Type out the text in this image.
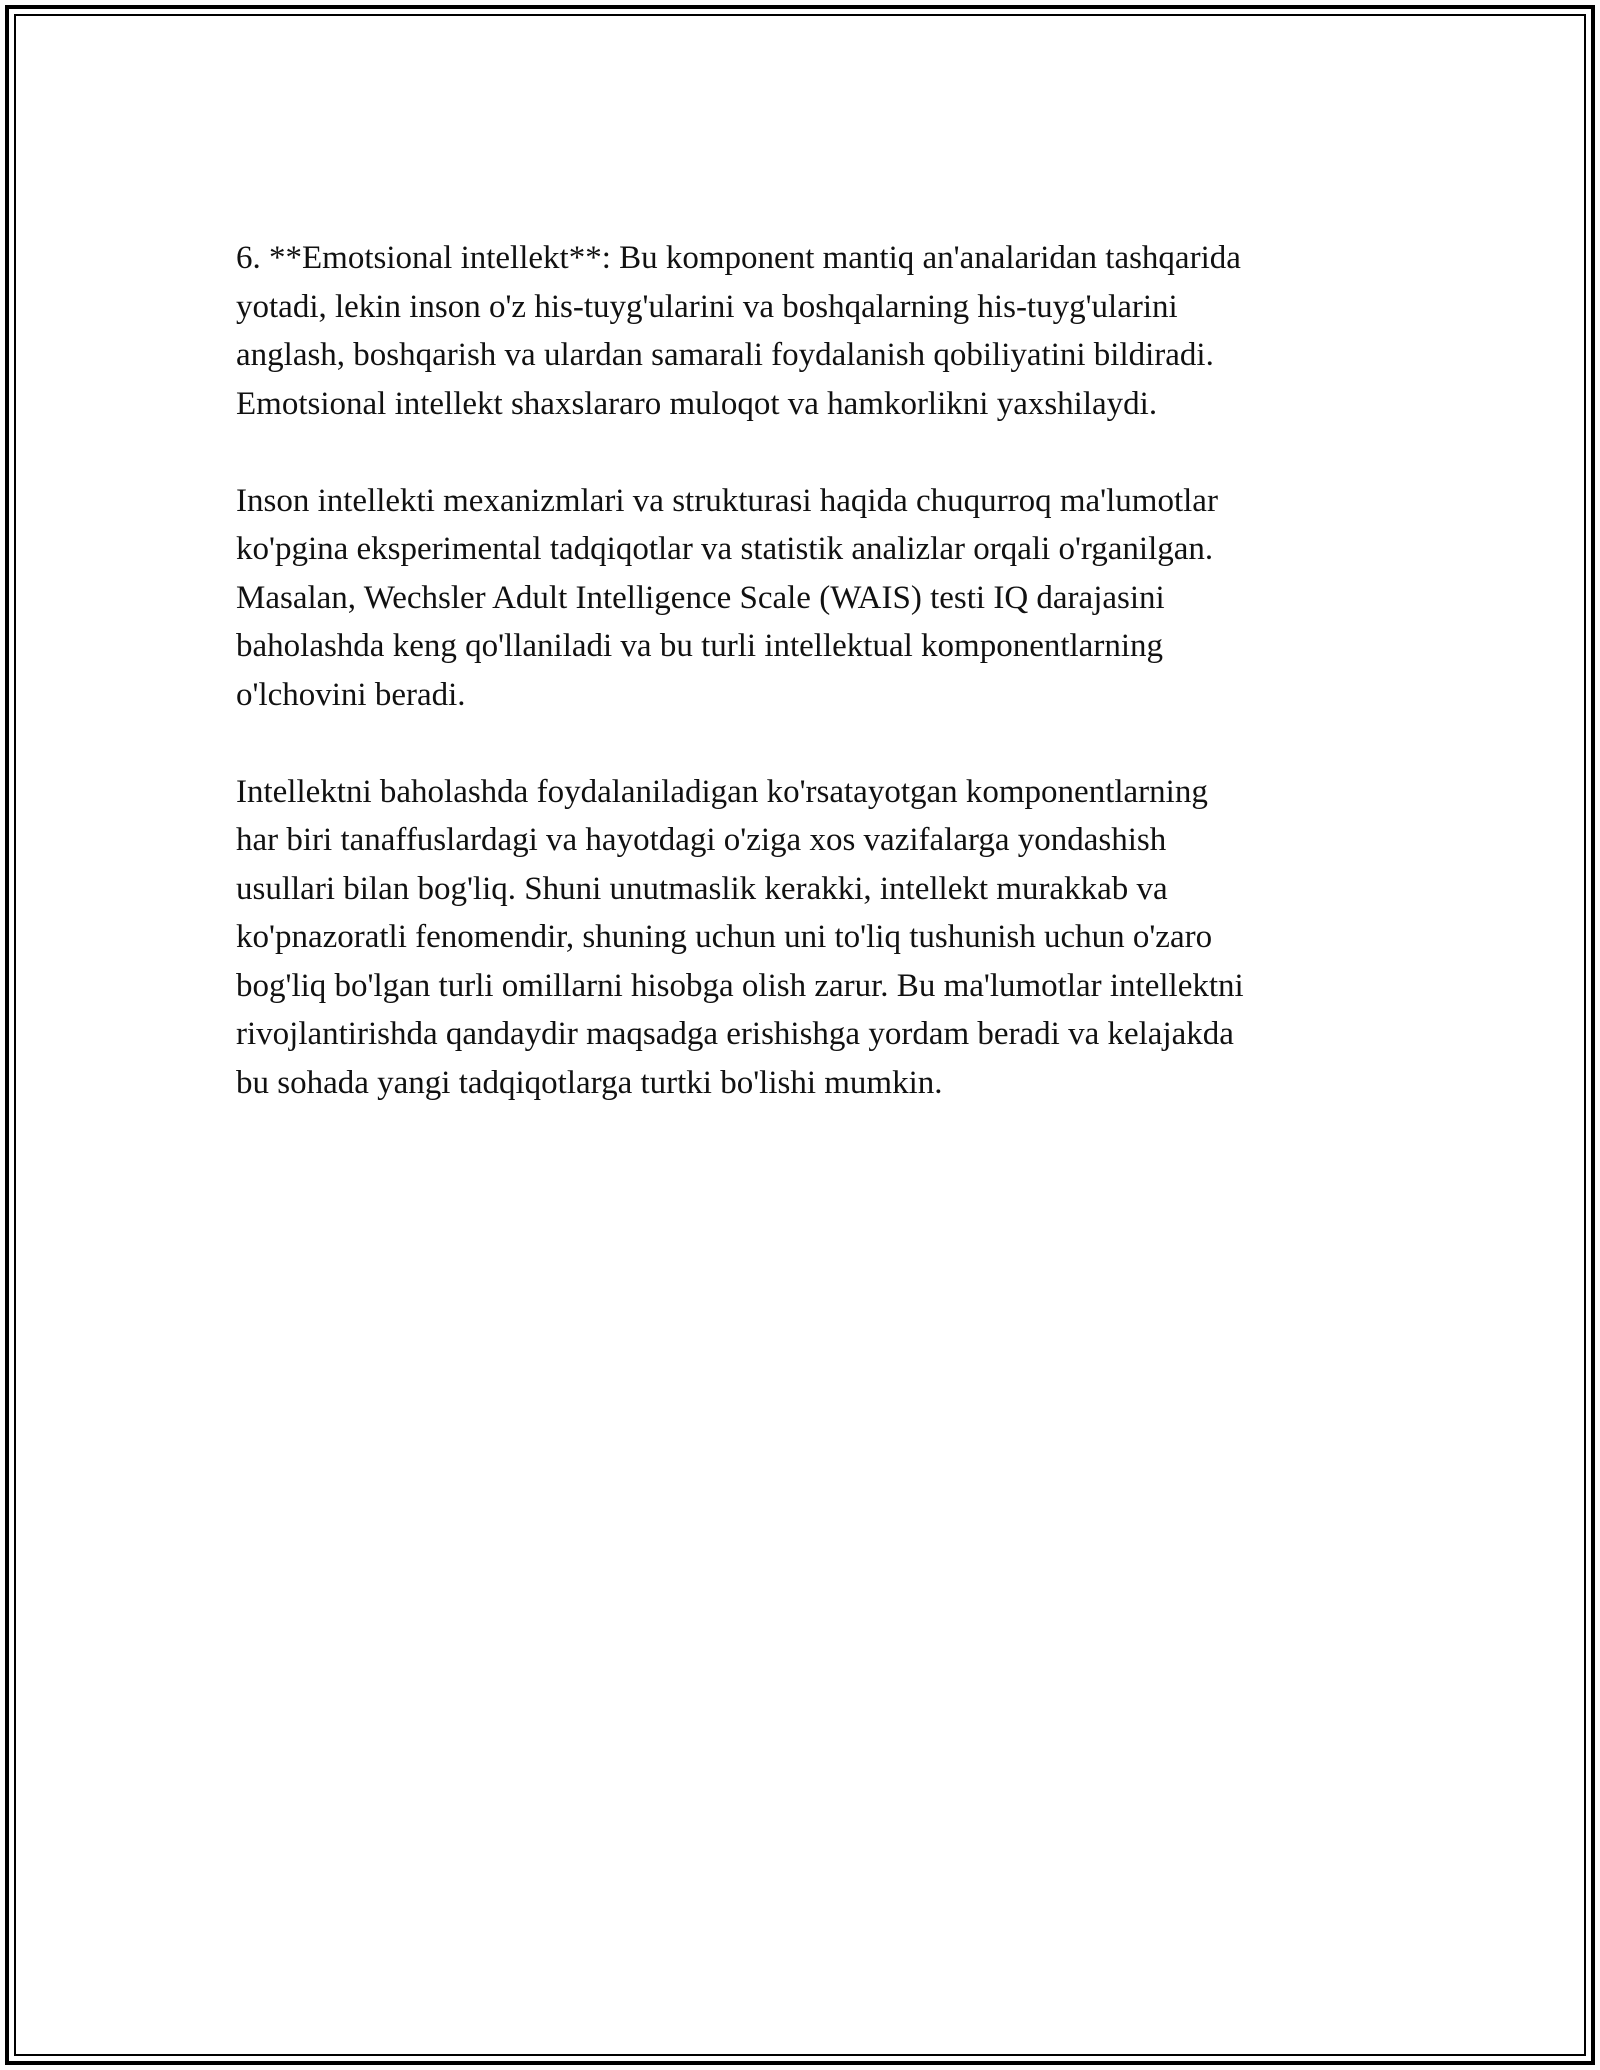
6. **Emotsional intellekt**: Bu komponent mantiq an'analaridan tashqarida
yotadi, lekin inson o'z his-tuyg'ularini va boshqalarning his-tuyg'ularini
anglash, boshqarish va ulardan samarali foydalanish qobiliyatini bildiradi.
Emotsional intellekt shaxslararo muloqot va hamkorlikni yaxshilaydi.

Inson intellekti mexanizmlari va strukturasi haqida chuqurroq ma'lumotlar
ko'pgina eksperimental tadqiqotlar va statistik analizlar orqali o'rganilgan.
Masalan, Wechsler Adult Intelligence Scale (WAIS) testi IQ darajasini
baholashda keng qo'llaniladi va bu turli intellektual komponentlarning
o'lchovini beradi.

Intellektni baholashda foydalaniladigan ko'rsatayotgan komponentlarning
har biri tanaffuslardagi va hayotdagi o'ziga xos vazifalarga yondashish
usullari bilan bog'liq. Shuni unutmaslik kerakki, intellekt murakkab va
ko'pnazoratli fenomendir, shuning uchun uni to'liq tushunish uchun o'zaro
bog'liq bo'lgan turli omillarni hisobga olish zarur. Bu ma'lumotlar intellektni
rivojlantirishda qandaydir maqsadga erishishga yordam beradi va kelajakda
bu sohada yangi tadqiqotlarga turtki bo'lishi mumkin.
